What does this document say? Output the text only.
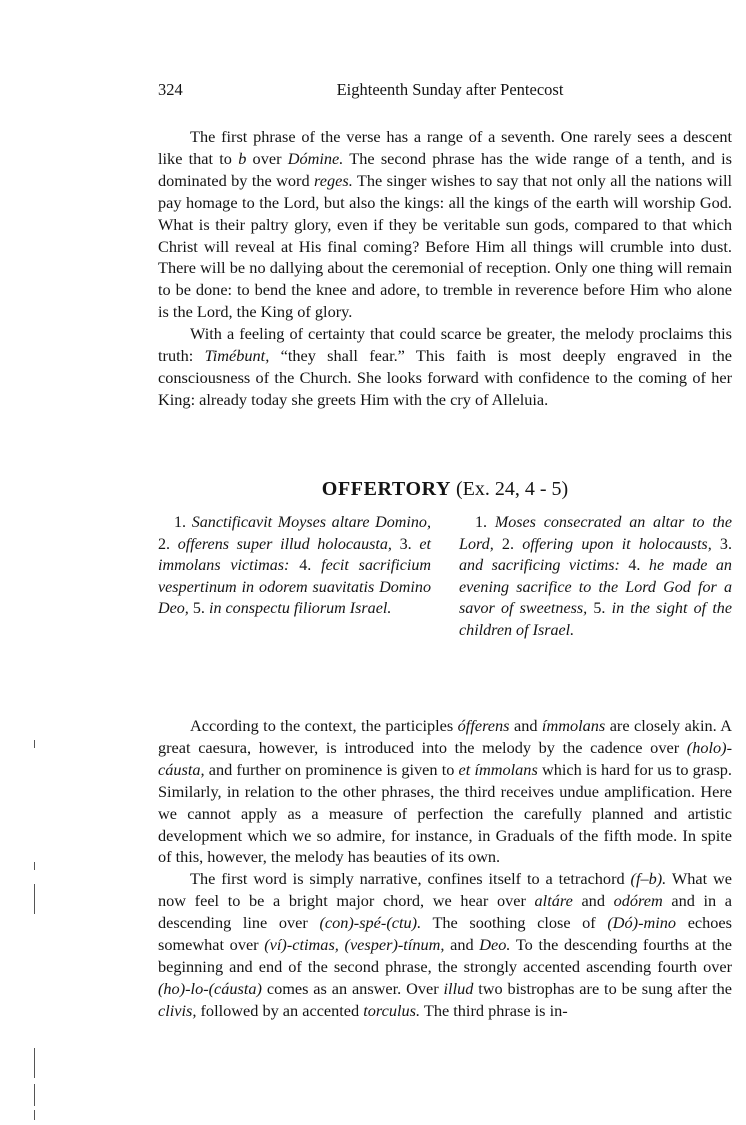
324	Eighteenth Sunday after Pentecost

The first phrase of the verse has a range of a seventh. One rarely sees a descent like that to b over Dómine. The second phrase has the wide range of a tenth, and is dominated by the word reges. The singer wishes to say that not only all the nations will pay homage to the Lord, but also the kings: all the kings of the earth will worship God. What is their paltry glory, even if they be veritable sun gods, compared to that which Christ will reveal at His final coming? Before Him all things will crumble into dust. There will be no dallying about the ceremonial of reception. Only one thing will remain to be done: to bend the knee and adore, to tremble in reverence before Him who alone is the Lord, the King of glory.

With a feeling of certainty that could scarce be greater, the melody proclaims this truth: Timébunt, “they shall fear.” This faith is most deeply engraved in the consciousness of the Church. She looks forward with confidence to the coming of her King: already today she greets Him with the cry of Alleluia.

OFFERTORY (Ex. 24, 4 - 5)
1. Sanctificavit Moyses altare Domino, 2. offerens super illud holocausta, 3. et immolans victimas: 4. fecit sacrificium vespertinum in odorem suavitatis Domino Deo, 5. in conspectu filiorum Israel.
1. Moses consecrated an altar to the Lord, 2. offering upon it holocausts, 3. and sacrificing victims: 4. he made an evening sacrifice to the Lord God for a savor of sweetness, 5. in the sight of the children of Israel.

According to the context, the participles ófferens and ímmolans are closely akin. A great caesura, however, is introduced into the melody by the cadence over (holo)-cáusta, and further on prominence is given to et ímmolans which is hard for us to grasp. Similarly, in relation to the other phrases, the third receives undue amplification. Here we cannot apply as a measure of perfection the carefully planned and artistic development which we so admire, for instance, in Graduals of the fifth mode. In spite of this, however, the melody has beauties of its own.

The first word is simply narrative, confines itself to a tetrachord (f–b). What we now feel to be a bright major chord, we hear over altáre and odórem and in a descending line over (con)-spé-(ctu). The soothing close of (Dó)-mino echoes somewhat over (ví)-ctimas, (vesper)-tínum, and Deo. To the descending fourths at the beginning and end of the second phrase, the strongly accented ascending fourth over (ho)-lo-(cáusta) comes as an answer. Over illud two bistrophas are to be sung after the clivis, followed by an accented torculus. The third phrase is in-
